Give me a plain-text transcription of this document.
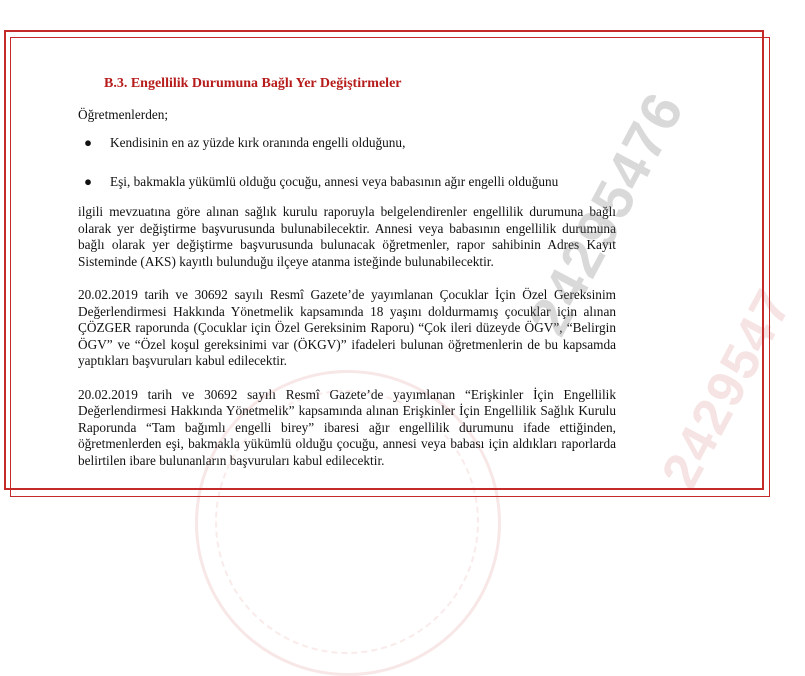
B.3. Engellilik Durumuna Bağlı Yer Değiştirmeler
Öğretmenlerden;
●	Kendisinin en az yüzde kırk oranında engelli olduğunu,
●	Eşi, bakmakla yükümlü olduğu çocuğu, annesi veya babasının ağır engelli olduğunu

ilgili mevzuatına göre alınan sağlık kurulu raporuyla belgelendirenler engellilik durumuna bağlı olarak yer değiştirme başvurusunda bulunabilecektir. Annesi veya babasının engellilik durumuna bağlı olarak yer değiştirme başvurusunda bulunacak öğretmenler, rapor sahibinin Adres Kayıt Sisteminde (AKS) kayıtlı bulunduğu ilçeye atanma isteğinde bulunabilecektir.

20.02.2019 tarih ve 30692 sayılı Resmî Gazete’de yayımlanan Çocuklar İçin Özel Gereksinim Değerlendirmesi Hakkında Yönetmelik kapsamında 18 yaşını doldurmamış çocuklar için alınan ÇÖZGER raporunda (Çocuklar için Özel Gereksinim Raporu) “Çok ileri düzeyde ÖGV”, “Belirgin ÖGV” ve “Özel koşul gereksinimi var (ÖKGV)” ifadeleri bulunan öğretmenlerin de bu kapsamda yaptıkları başvuruları kabul edilecektir.

20.02.2019 tarih ve 30692 sayılı Resmî Gazete’de yayımlanan “Erişkinler İçin Engellilik Değerlendirmesi Hakkında Yönetmelik” kapsamında alınan Erişkinler İçin Engellilik Sağlık Kurulu Raporunda “Tam bağımlı engelli birey” ibaresi ağır engellilik durumunu ifade ettiğinden, öğretmenlerden eşi, bakmakla yükümlü olduğu çocuğu, annesi veya babası için aldıkları raporlarda belirtilen ibare bulunanların başvuruları kabul edilecektir.

24295476
2429547
